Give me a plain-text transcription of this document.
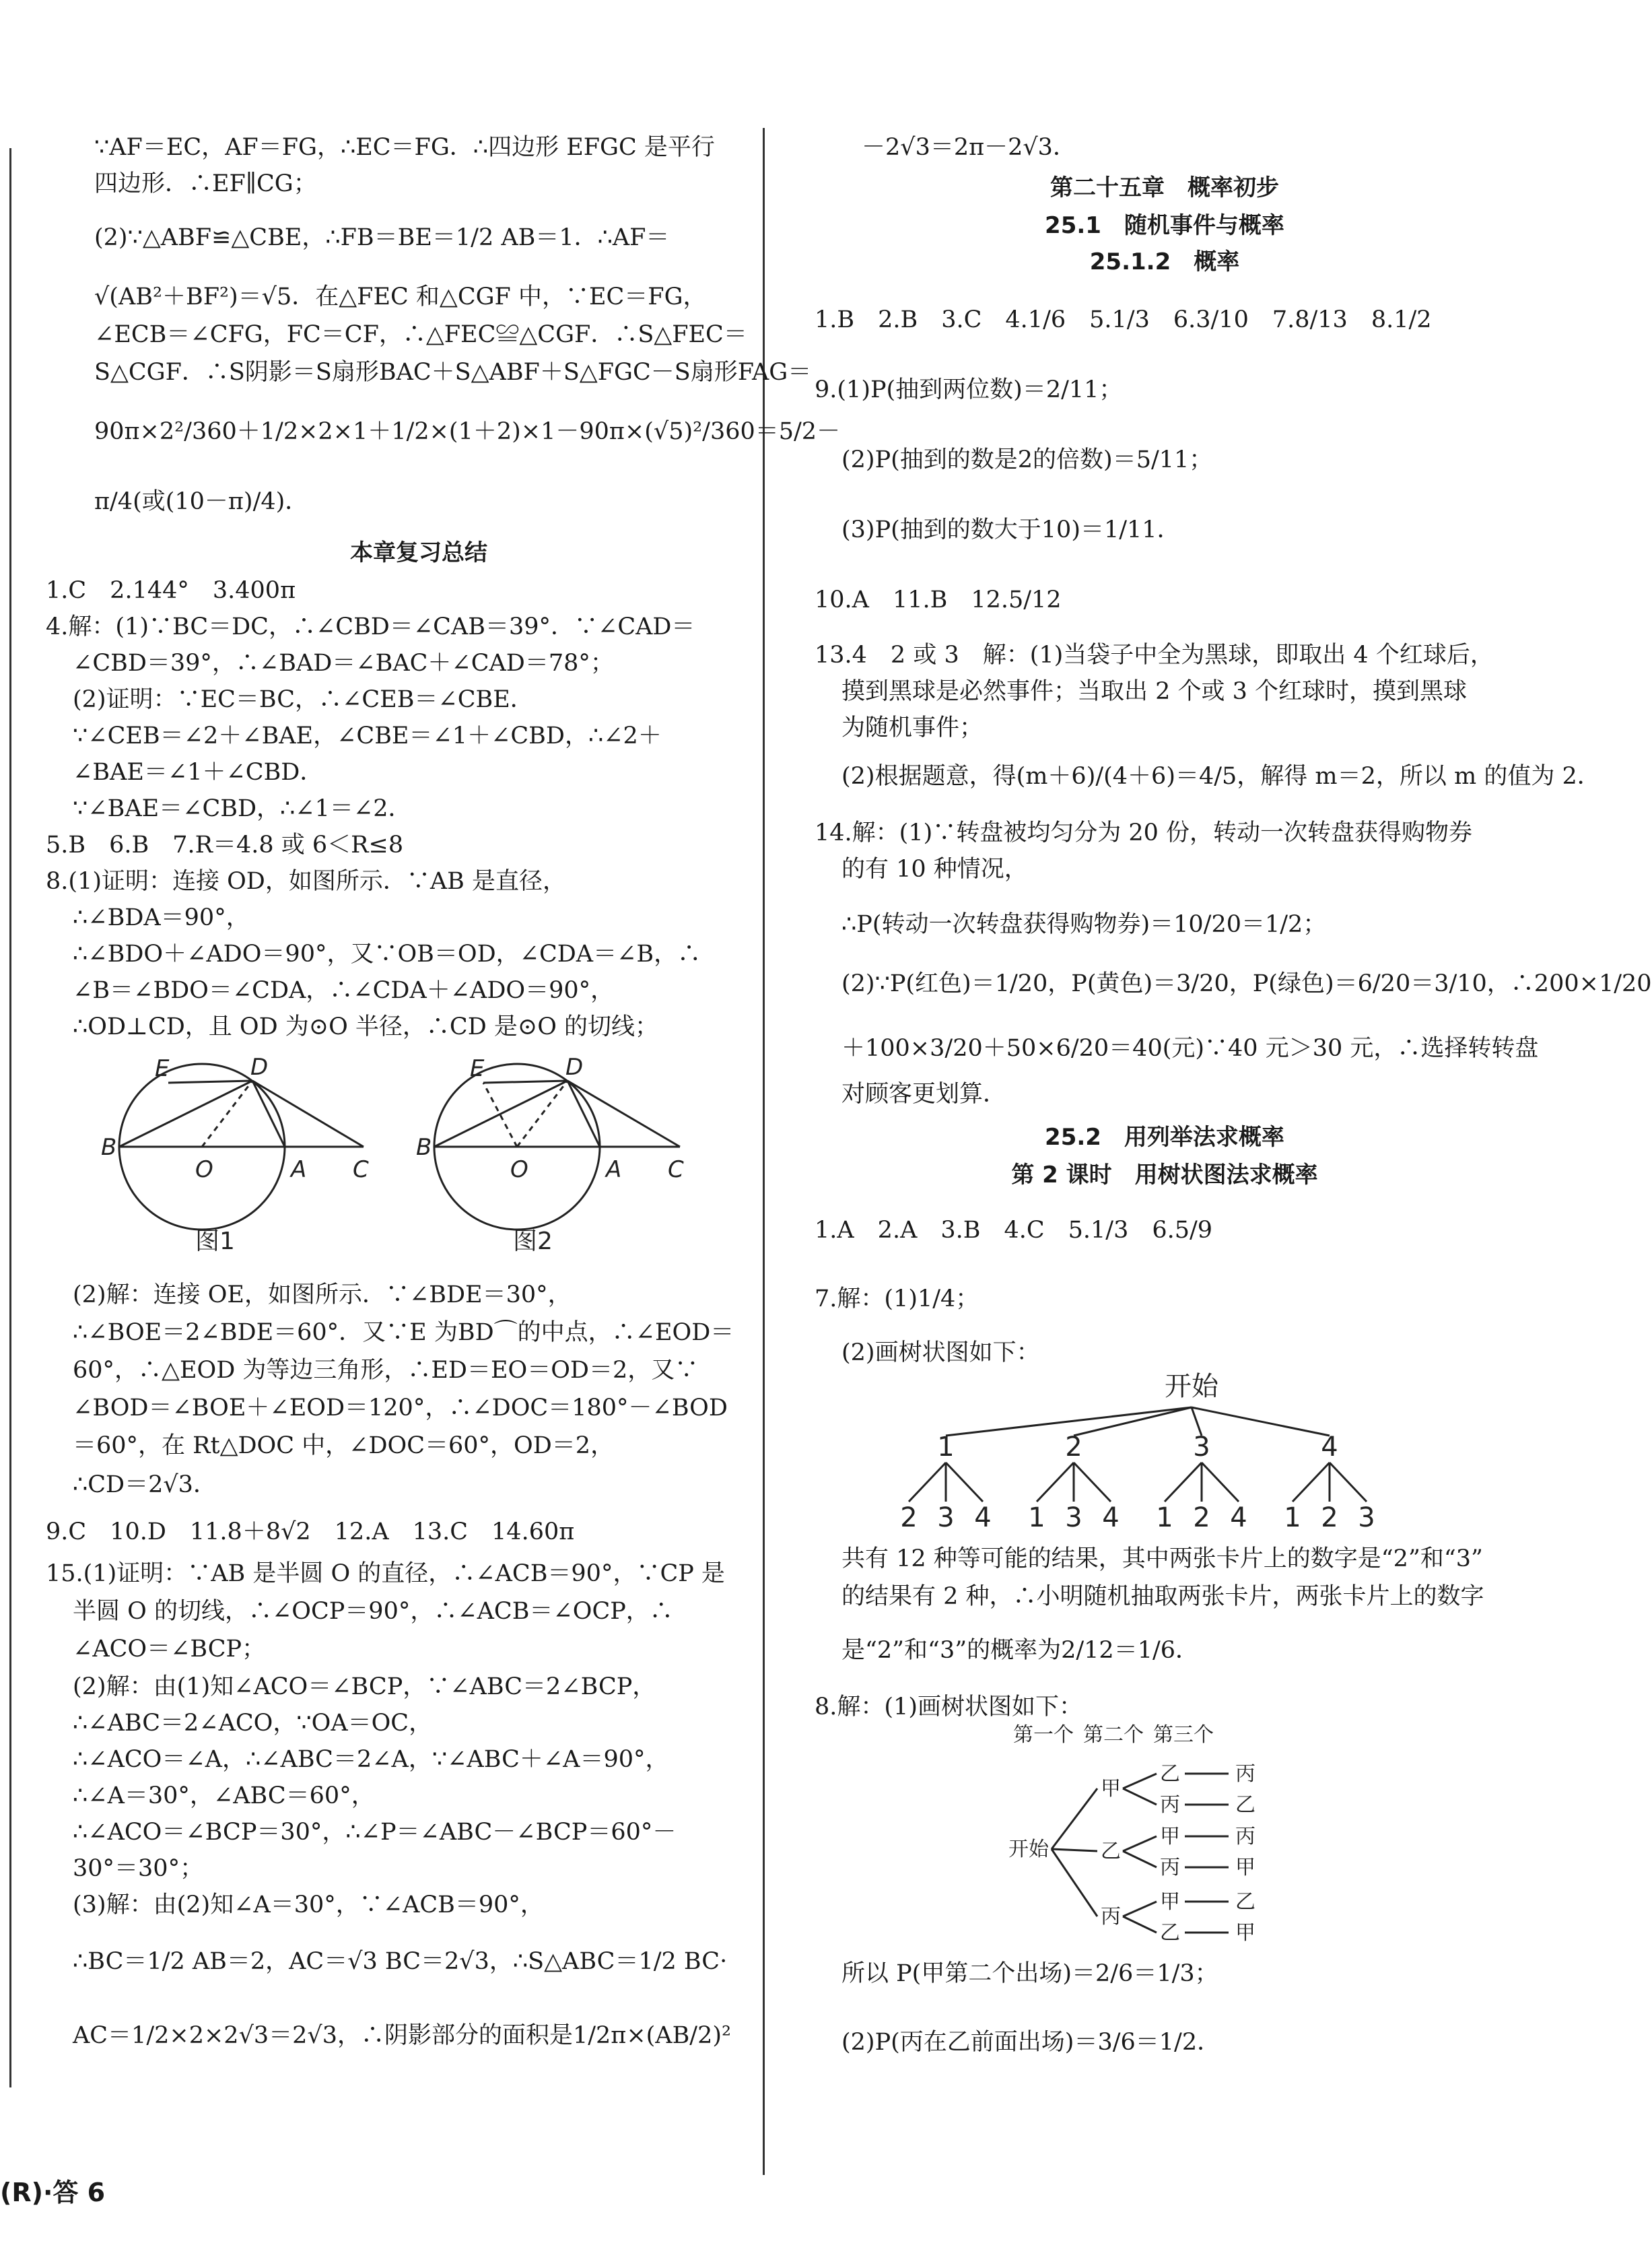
∵AF＝EC，AF＝FG，∴EC＝FG．∴四边形 EFGC 是平行
四边形．∴EF∥CG；
(2)∵△ABF≌△CBE，∴FB＝BE＝1/2 AB＝1．∴AF＝
√(AB²＋BF²)＝√5．在△FEC 和△CGF 中，∵EC＝FG，
∠ECB＝∠CFG，FC＝CF，∴△FEC≌△CGF．∴S△FEC＝
S△CGF．∴S阴影＝S扇形BAC＋S△ABF＋S△FGC－S扇形FAG＝
90π×2²/360＋1/2×2×1＋1/2×(1＋2)×1－90π×(√5)²/360＝5/2－
π/4(或(10－π)/4)．
本章复习总结
1.C　2.144°　3.400π
4.解：(1)∵BC＝DC，∴∠CBD＝∠CAB＝39°．∵∠CAD＝
∠CBD＝39°，∴∠BAD＝∠BAC＋∠CAD＝78°；
(2)证明：∵EC＝BC，∴∠CEB＝∠CBE．
∵∠CEB＝∠2＋∠BAE，∠CBE＝∠1＋∠CBD，∴∠2＋
∠BAE＝∠1＋∠CBD．
∵∠BAE＝∠CBD，∴∠1＝∠2．
5.B　6.B　7.R＝4.8 或 6＜R≤8
8.(1)证明：连接 OD，如图所示．∵AB 是直径，
∴∠BDA＝90°，
∴∠BDO＋∠ADO＝90°，又∵OB＝OD，∠CDA＝∠B，∴
∠B＝∠BDO＝∠CDA，∴∠CDA＋∠ADO＝90°，
∴OD⊥CD，且 OD 为⊙O 半径，∴CD 是⊙O 的切线；
E	D
B
O	A C
E	D
B
O	A C
图1	图2
(2)解：连接 OE，如图所示．∵∠BDE＝30°，
∴∠BOE＝2∠BDE＝60°．又∵E 为BD⌒的中点，∴∠EOD＝
60°，∴△EOD 为等边三角形，∴ED＝EO＝OD＝2，又∵
∠BOD＝∠BOE＋∠EOD＝120°，∴∠DOC＝180°－∠BOD
＝60°，在 Rt△DOC 中，∠DOC＝60°，OD＝2，
∴CD＝2√3．
9.C　10.D　11.8＋8√2　12.A　13.C　14.60π
15.(1)证明：∵AB 是半圆 O 的直径，∴∠ACB＝90°，∵CP 是
半圆 O 的切线，∴∠OCP＝90°，∴∠ACB＝∠OCP，∴
∠ACO＝∠BCP；
(2)解：由(1)知∠ACO＝∠BCP，∵∠ABC＝2∠BCP，
∴∠ABC＝2∠ACO，∵OA＝OC，
∴∠ACO＝∠A，∴∠ABC＝2∠A，∵∠ABC＋∠A＝90°，
∴∠A＝30°，∠ABC＝60°，
∴∠ACO＝∠BCP＝30°，∴∠P＝∠ABC－∠BCP＝60°－
30°＝30°；
(3)解：由(2)知∠A＝30°，∵∠ACB＝90°，
∴BC＝1/2 AB＝2，AC＝√3 BC＝2√3，∴S△ABC＝1/2 BC·
AC＝1/2×2×2√3＝2√3，∴阴影部分的面积是1/2π×(AB/2)²
(R)·答 6
－2√3＝2π－2√3．
第二十五章　概率初步
25.1　随机事件与概率
25.1.2　概率
1.B　2.B　3.C　4.1/6　5.1/3　6.3/10　7.8/13　8.1/2
9.(1)P(抽到两位数)＝2/11；
(2)P(抽到的数是2的倍数)＝5/11；
(3)P(抽到的数大于10)＝1/11．
10.A　11.B　12.5/12
13.4　2 或 3　解：(1)当袋子中全为黑球，即取出 4 个红球后，
摸到黑球是必然事件；当取出 2 个或 3 个红球时，摸到黑球
为随机事件；
(2)根据题意，得(m＋6)/(4＋6)＝4/5，解得 m＝2，所以 m 的值为 2．
14.解：(1)∵转盘被均匀分为 20 份，转动一次转盘获得购物券
的有 10 种情况，
∴P(转动一次转盘获得购物券)＝10/20＝1/2；
(2)∵P(红色)＝1/20，P(黄色)＝3/20，P(绿色)＝6/20＝3/10，∴200×1/20
＋100×3/20＋50×6/20＝40(元)∵40 元＞30 元，∴选择转转盘
对顾客更划算．
25.2　用列举法求概率
第 2 课时　用树状图法求概率
1.A　2.A　3.B　4.C　5.1/3　6.5/9
7.解：(1)1/4；
(2)画树状图如下：
开始
1
2 3 4
2
1 3 4
3
1 2 4
4
1 2 3
共有 12 种等可能的结果，其中两张卡片上的数字是“2”和“3”
的结果有 2 种，∴小明随机抽取两张卡片，两张卡片上的数字
是“2”和“3”的概率为2/12＝1/6．
8.解：(1)画树状图如下：
第一个 第二个 第三个
开始
甲
乙	丙
丙	乙
乙
甲	丙
丙	甲
丙
甲	乙
乙	甲
所以 P(甲第二个出场)＝2/6＝1/3；
(2)P(丙在乙前面出场)＝3/6＝1/2．
